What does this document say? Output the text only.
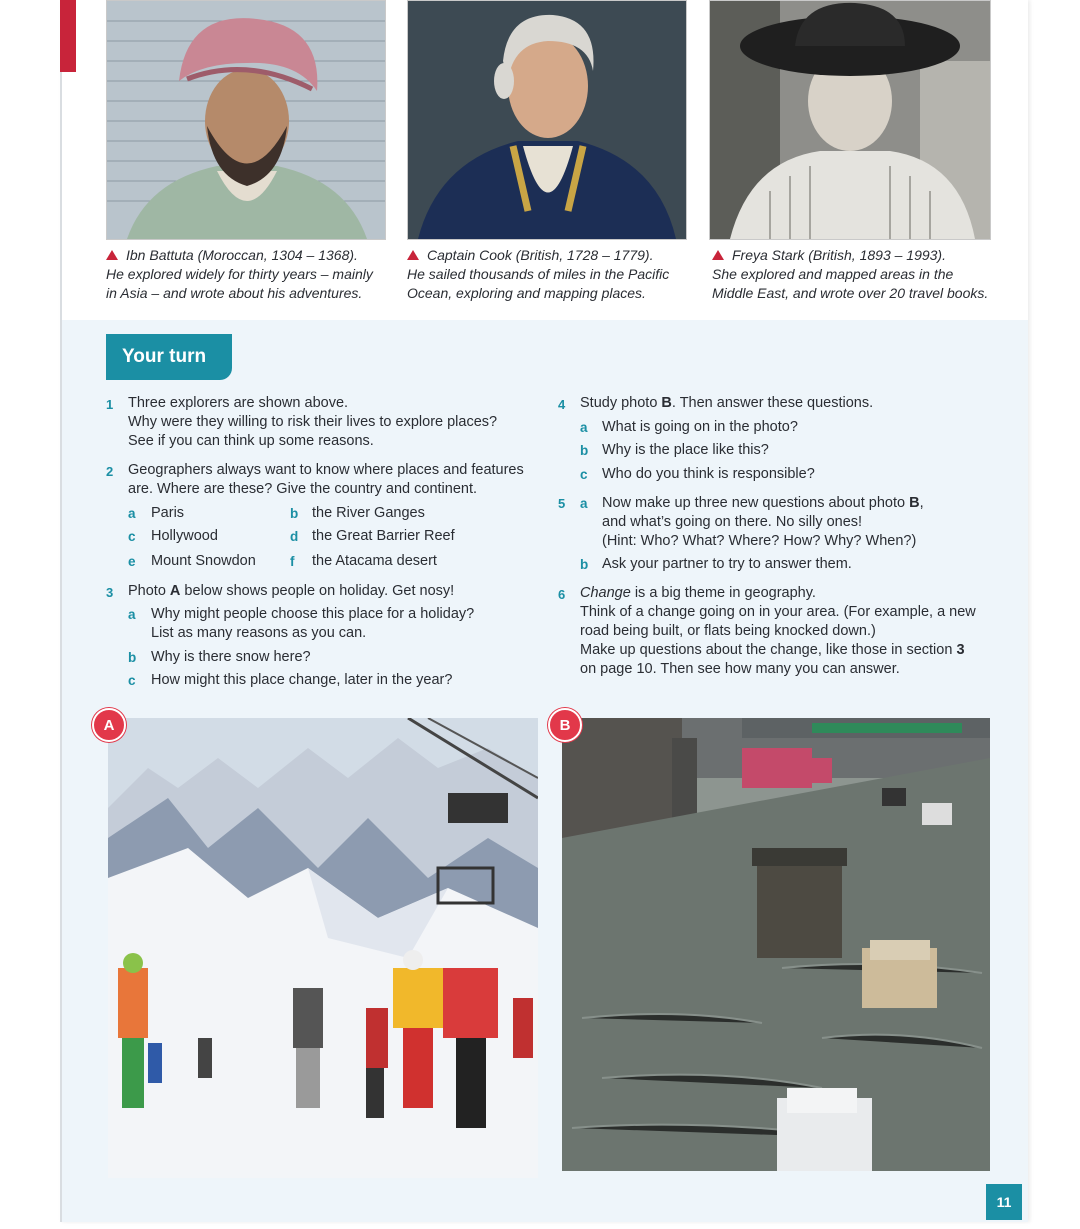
Ibn Battuta (Moroccan, 1304 – 1368).
He explored widely for thirty years – mainly
in Asia – and wrote about his adventures.
Captain Cook (British, 1728 – 1779).
He sailed thousands of miles in the Pacific
Ocean, exploring and mapping places.
Freya Stark (British, 1893 – 1993).
She explored and mapped areas in the
Middle East, and wrote over 20 travel books.
Your turn
1 Three explorers are shown above.
Why were they willing to risk their lives to explore places?
See if you can think up some reasons.
2 Geographers always want to know where places and features
are. Where are these? Give the country and continent.
a Paris	b the River Ganges
c Hollywood	d the Great Barrier Reef
e Mount Snowdon	f the Atacama desert
3 Photo A below shows people on holiday. Get nosy!
a Why might people choose this place for a holiday?
List as many reasons as you can.
b Why is there snow here?
c How might this place change, later in the year?
4 Study photo B. Then answer these questions.
a What is going on in the photo?
b Why is the place like this?
c Who do you think is responsible?
5 a Now make up three new questions about photo B,
and what’s going on there. No silly ones!
(Hint: Who? What? Where? How? Why? When?)
b Ask your partner to try to answer them.
6 Change is a big theme in geography.
Think of a change going on in your area. (For example, a new
road being built, or flats being knocked down.)
Make up questions about the change, like those in section 3
on page 10. Then see how many you can answer.
A	B
11
